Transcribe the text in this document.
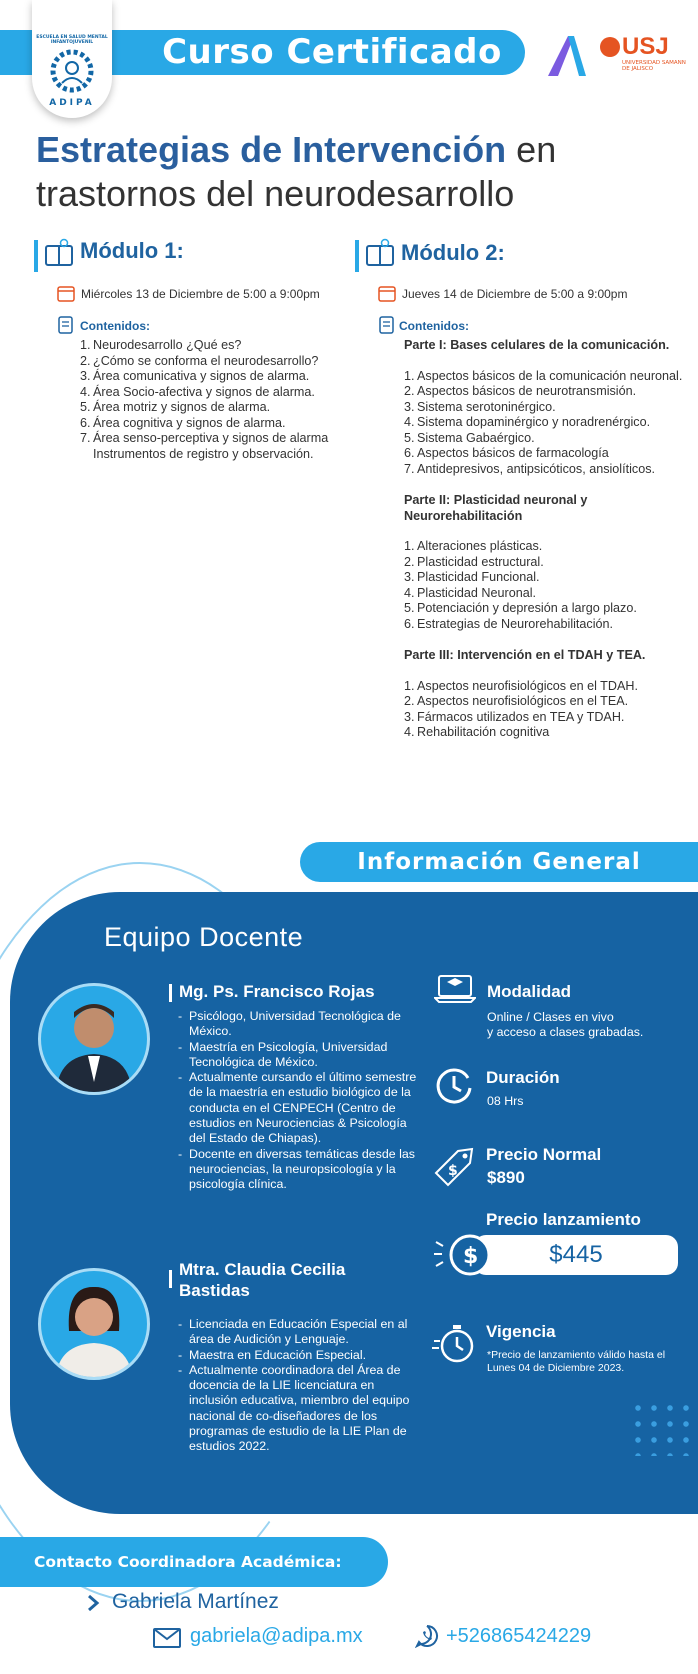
Curso Certificado
ESCUELA EN SALUD MENTAL INFANTOJUVENIL
ADIPA
USJ
UNIVERSIDAD SAMANN DE JALISCO
Estrategias de Intervención en
trastornos del neurodesarrollo
Módulo 1:
Miércoles 13 de Diciembre de 5:00 a 9:00pm
Contenidos:
1. Neurodesarrollo ¿Qué es?
2. ¿Cómo se conforma el neurodesarrollo?
3. Área comunicativa y signos de alarma.
4. Área Socio-afectiva y signos de alarma.
5. Área motriz y signos de alarma.
6. Área cognitiva y signos de alarma.
7. Área senso-perceptiva y signos de alarma Instrumentos de registro y observación.
Módulo 2:
Jueves 14 de Diciembre de 5:00 a 9:00pm
Contenidos:
Parte I: Bases celulares de la comunicación.
1. Aspectos básicos de la comunicación neuronal.
2. Aspectos básicos de neurotransmisión.
3. Sistema serotoninérgico.
4. Sistema dopaminérgico y noradrenérgico.
5. Sistema Gabaérgico.
6. Aspectos básicos de farmacología
7. Antidepresivos, antipsicóticos, ansiolíticos.
Parte II: Plasticidad neuronal y Neurorehabilitación
1. Alteraciones plásticas.
2. Plasticidad estructural.
3. Plasticidad Funcional.
4. Plasticidad Neuronal.
5. Potenciación y depresión a largo plazo.
6. Estrategias de Neurorehabilitación.
Parte III: Intervención en el TDAH y TEA.
1. Aspectos neurofisiológicos en el TDAH.
2. Aspectos neurofisiológicos en el TEA.
3. Fármacos utilizados en TEA y TDAH.
4. Rehabilitación cognitiva
Información General
Equipo Docente
Mg. Ps. Francisco Rojas
- Psicólogo, Universidad Tecnológica de México.
- Maestría en Psicología, Universidad Tecnológica de México.
- Actualmente cursando el último semestre de la maestría en estudio biológico de la conducta en el CENPECH (Centro de estudios en Neurociencias & Psicología del Estado de Chiapas).
- Docente en diversas temáticas desde las neurociencias, la neuropsicología y la psicología clínica.
Mtra. Claudia Cecilia
Bastidas
- Licenciada en Educación Especial en al área de Audición y Lenguaje.
- Maestra en Educación Especial.
- Actualmente coordinadora del Área de docencia de la LIE licenciatura en inclusión educativa, miembro del equipo nacional de co-diseñadores de los programas de estudio de la LIE Plan de estudios 2022.
Modalidad
Online / Clases en vivo
y acceso a clases grabadas.
Duración
08 Hrs
$
Precio Normal
$890
Precio lanzamiento
$445
$
Vigencia
*Precio de lanzamiento válido hasta el
Lunes 04 de Diciembre 2023.
Contacto Coordinadora Académica:
Gabriela Martínez
gabriela@adipa.mx	+526865424229
